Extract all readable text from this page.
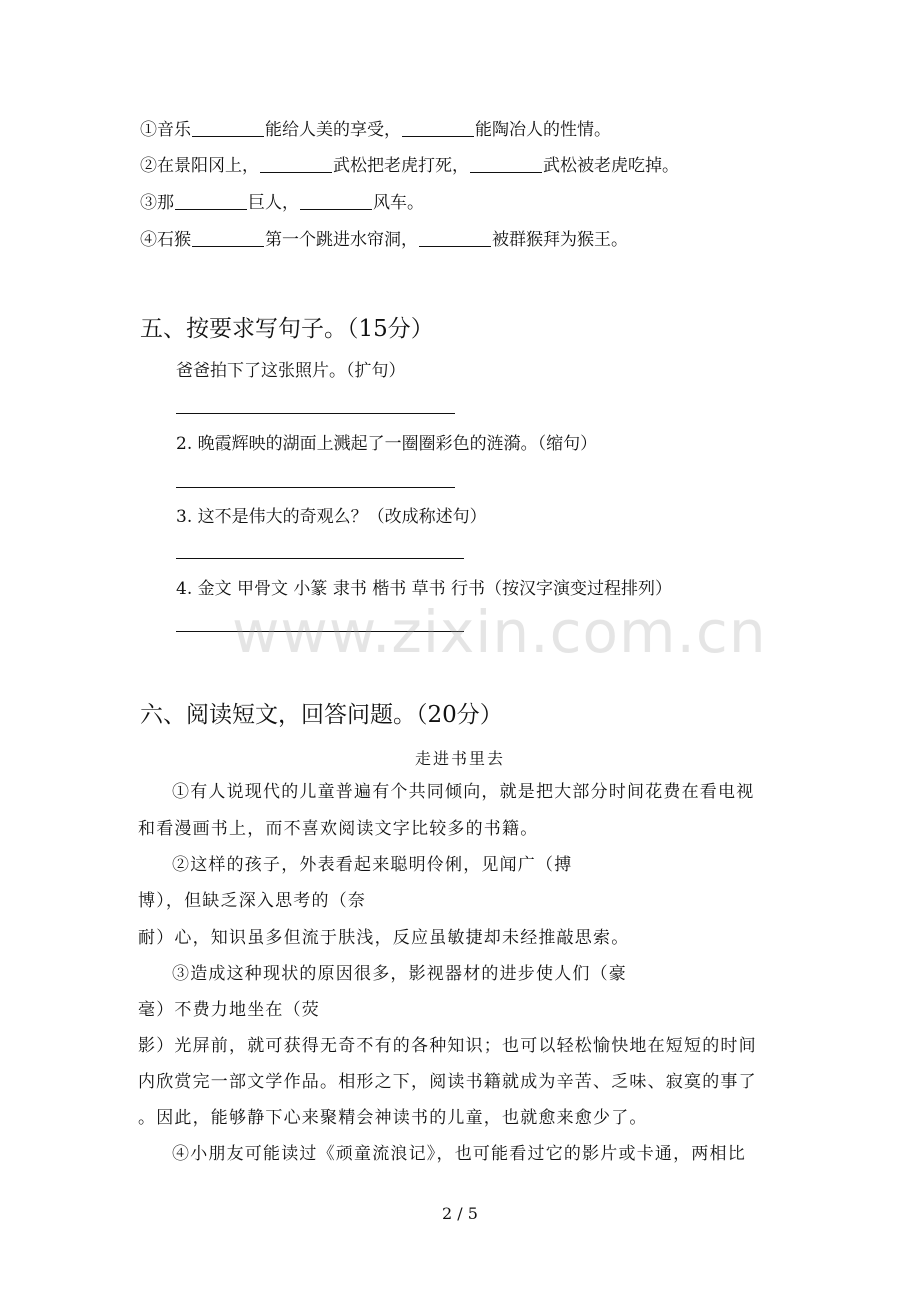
①音乐	能给人美的享受，	能陶冶人的性情。
②在景阳冈上，	武松把老虎打死，	武松被老虎吃掉。
③那	巨人，	风车。
④石猴	第一个跳进水帘洞，	被群猴拜为猴王。
五、按要求写句子。（15分）
爸爸拍下了这张照片。（扩句）
2. 晚霞辉映的湖面上溅起了一圈圈彩色的涟漪。（缩句）
3. 这不是伟大的奇观么？（改成称述句）
4. 金文 甲骨文 小篆 隶书 楷书 草书 行书（按汉字演变过程排列）
www.zixin.com.cn
六、阅读短文，回答问题。（20分）
走进书里去
①有人说现代的儿童普遍有个共同倾向，就是把大部分时间花费在看电视
和看漫画书上，而不喜欢阅读文字比较多的书籍。
②这样的孩子，外表看起来聪明伶俐，见闻广（搏
博），但缺乏深入思考的（奈
耐）心，知识虽多但流于肤浅，反应虽敏捷却未经推敲思索。
③造成这种现状的原因很多，影视器材的进步使人们（豪
毫）不费力地坐在（荧
影）光屏前，就可获得无奇不有的各种知识；也可以轻松愉快地在短短的时间
内欣赏完一部文学作品。相形之下，阅读书籍就成为辛苦、乏味、寂寞的事了
。因此，能够静下心来聚精会神读书的儿童，也就愈来愈少了。
④小朋友可能读过《顽童流浪记》，也可能看过它的影片或卡通，两相比
2 / 5
